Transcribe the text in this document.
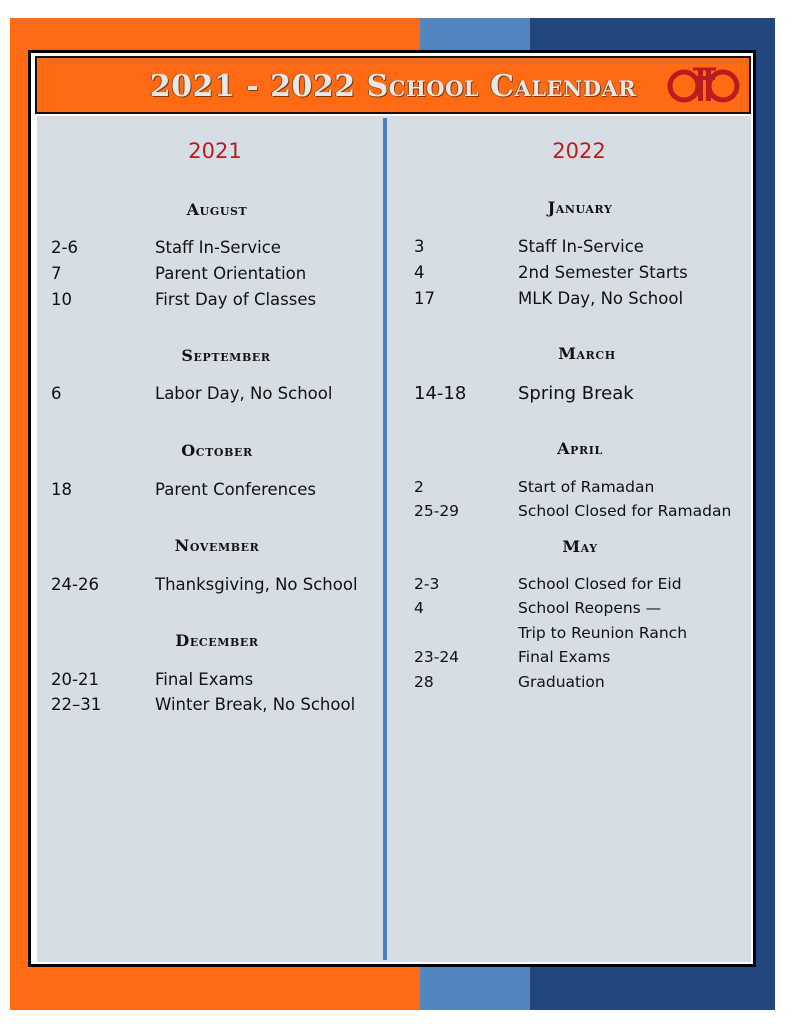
2021 - 2022 School Calendar
2021
August
2-6	Staff In-Service
7	Parent Orientation
10	First Day of Classes
September
6	Labor Day, No School
October
18	Parent Conferences
November
24-26	Thanksgiving, No School
December
20-21	Final Exams
22–31	Winter Break, No School
2022
January
3	Staff In-Service
4	2nd Semester Starts
17	MLK Day, No School
March
14-18	Spring Break
April
2	Start of Ramadan
25-29	School Closed for Ramadan
May
2-3	School Closed for Eid
4	School Reopens —
Trip to Reunion Ranch
23-24	Final Exams
28	Graduation
